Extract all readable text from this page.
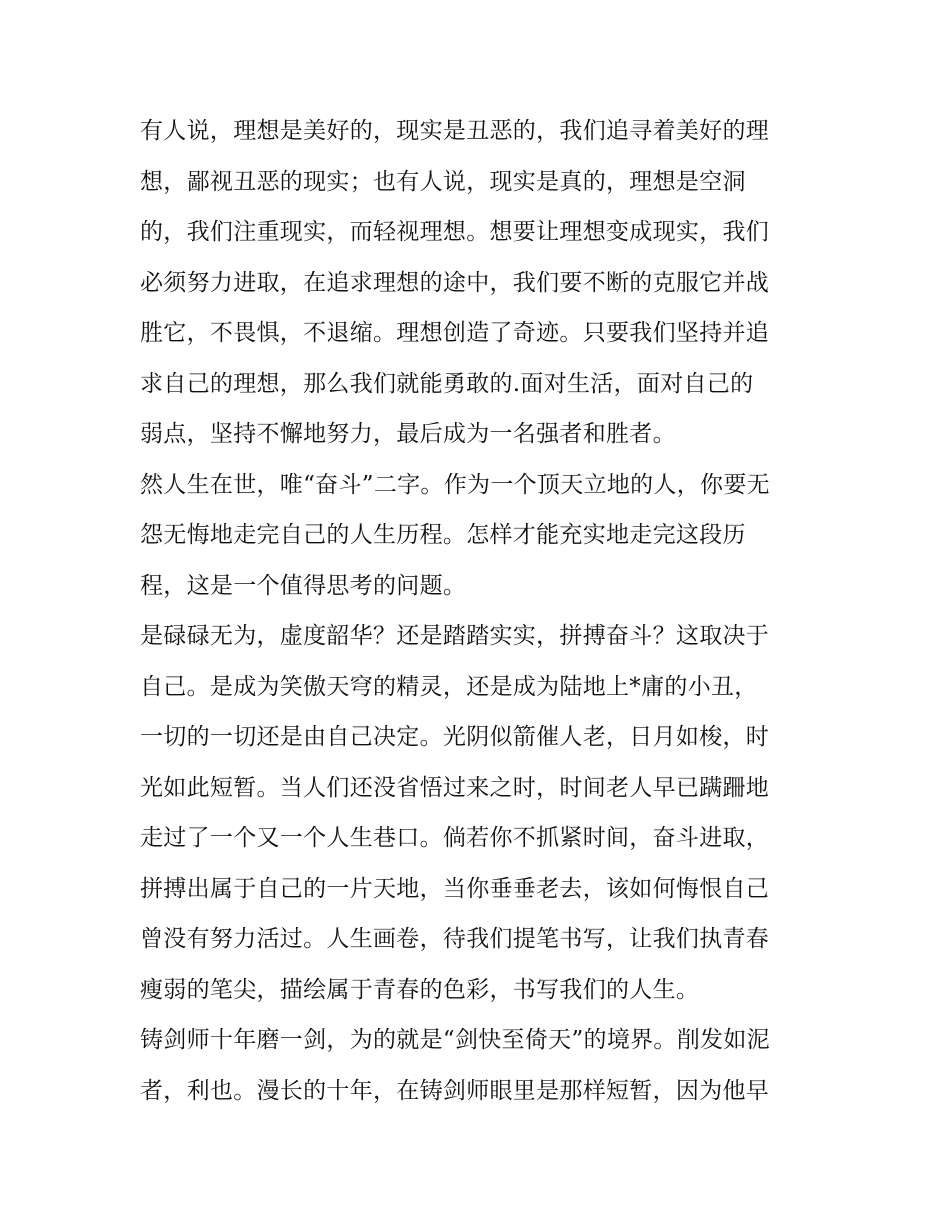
有人说，理想是美好的，现实是丑恶的，我们追寻着美好的理
想，鄙视丑恶的现实；也有人说，现实是真的，理想是空洞
的，我们注重现实，而轻视理想。想要让理想变成现实，我们
必须努力进取，在追求理想的途中，我们要不断的克服它并战
胜它，不畏惧，不退缩。理想创造了奇迹。只要我们坚持并追
求自己的理想，那么我们就能勇敢的.面对生活，面对自己的
弱点，坚持不懈地努力，最后成为一名强者和胜者。
然人生在世，唯“奋斗”二字。作为一个顶天立地的人，你要无
怨无悔地走完自己的人生历程。怎样才能充实地走完这段历
程，这是一个值得思考的问题。
是碌碌无为，虚度韶华？还是踏踏实实，拼搏奋斗？这取决于
自己。是成为笑傲天穹的精灵，还是成为陆地上*庸的小丑，
一切的一切还是由自己决定。光阴似箭催人老，日月如梭，时
光如此短暂。当人们还没省悟过来之时，时间老人早已蹒跚地
走过了一个又一个人生巷口。倘若你不抓紧时间，奋斗进取，
拼搏出属于自己的一片天地，当你垂垂老去，该如何悔恨自己
曾没有努力活过。人生画卷，待我们提笔书写，让我们执青春
瘦弱的笔尖，描绘属于青春的色彩，书写我们的人生。
铸剑师十年磨一剑，为的就是“剑快至倚天”的境界。削发如泥
者，利也。漫长的十年，在铸剑师眼里是那样短暂，因为他早
